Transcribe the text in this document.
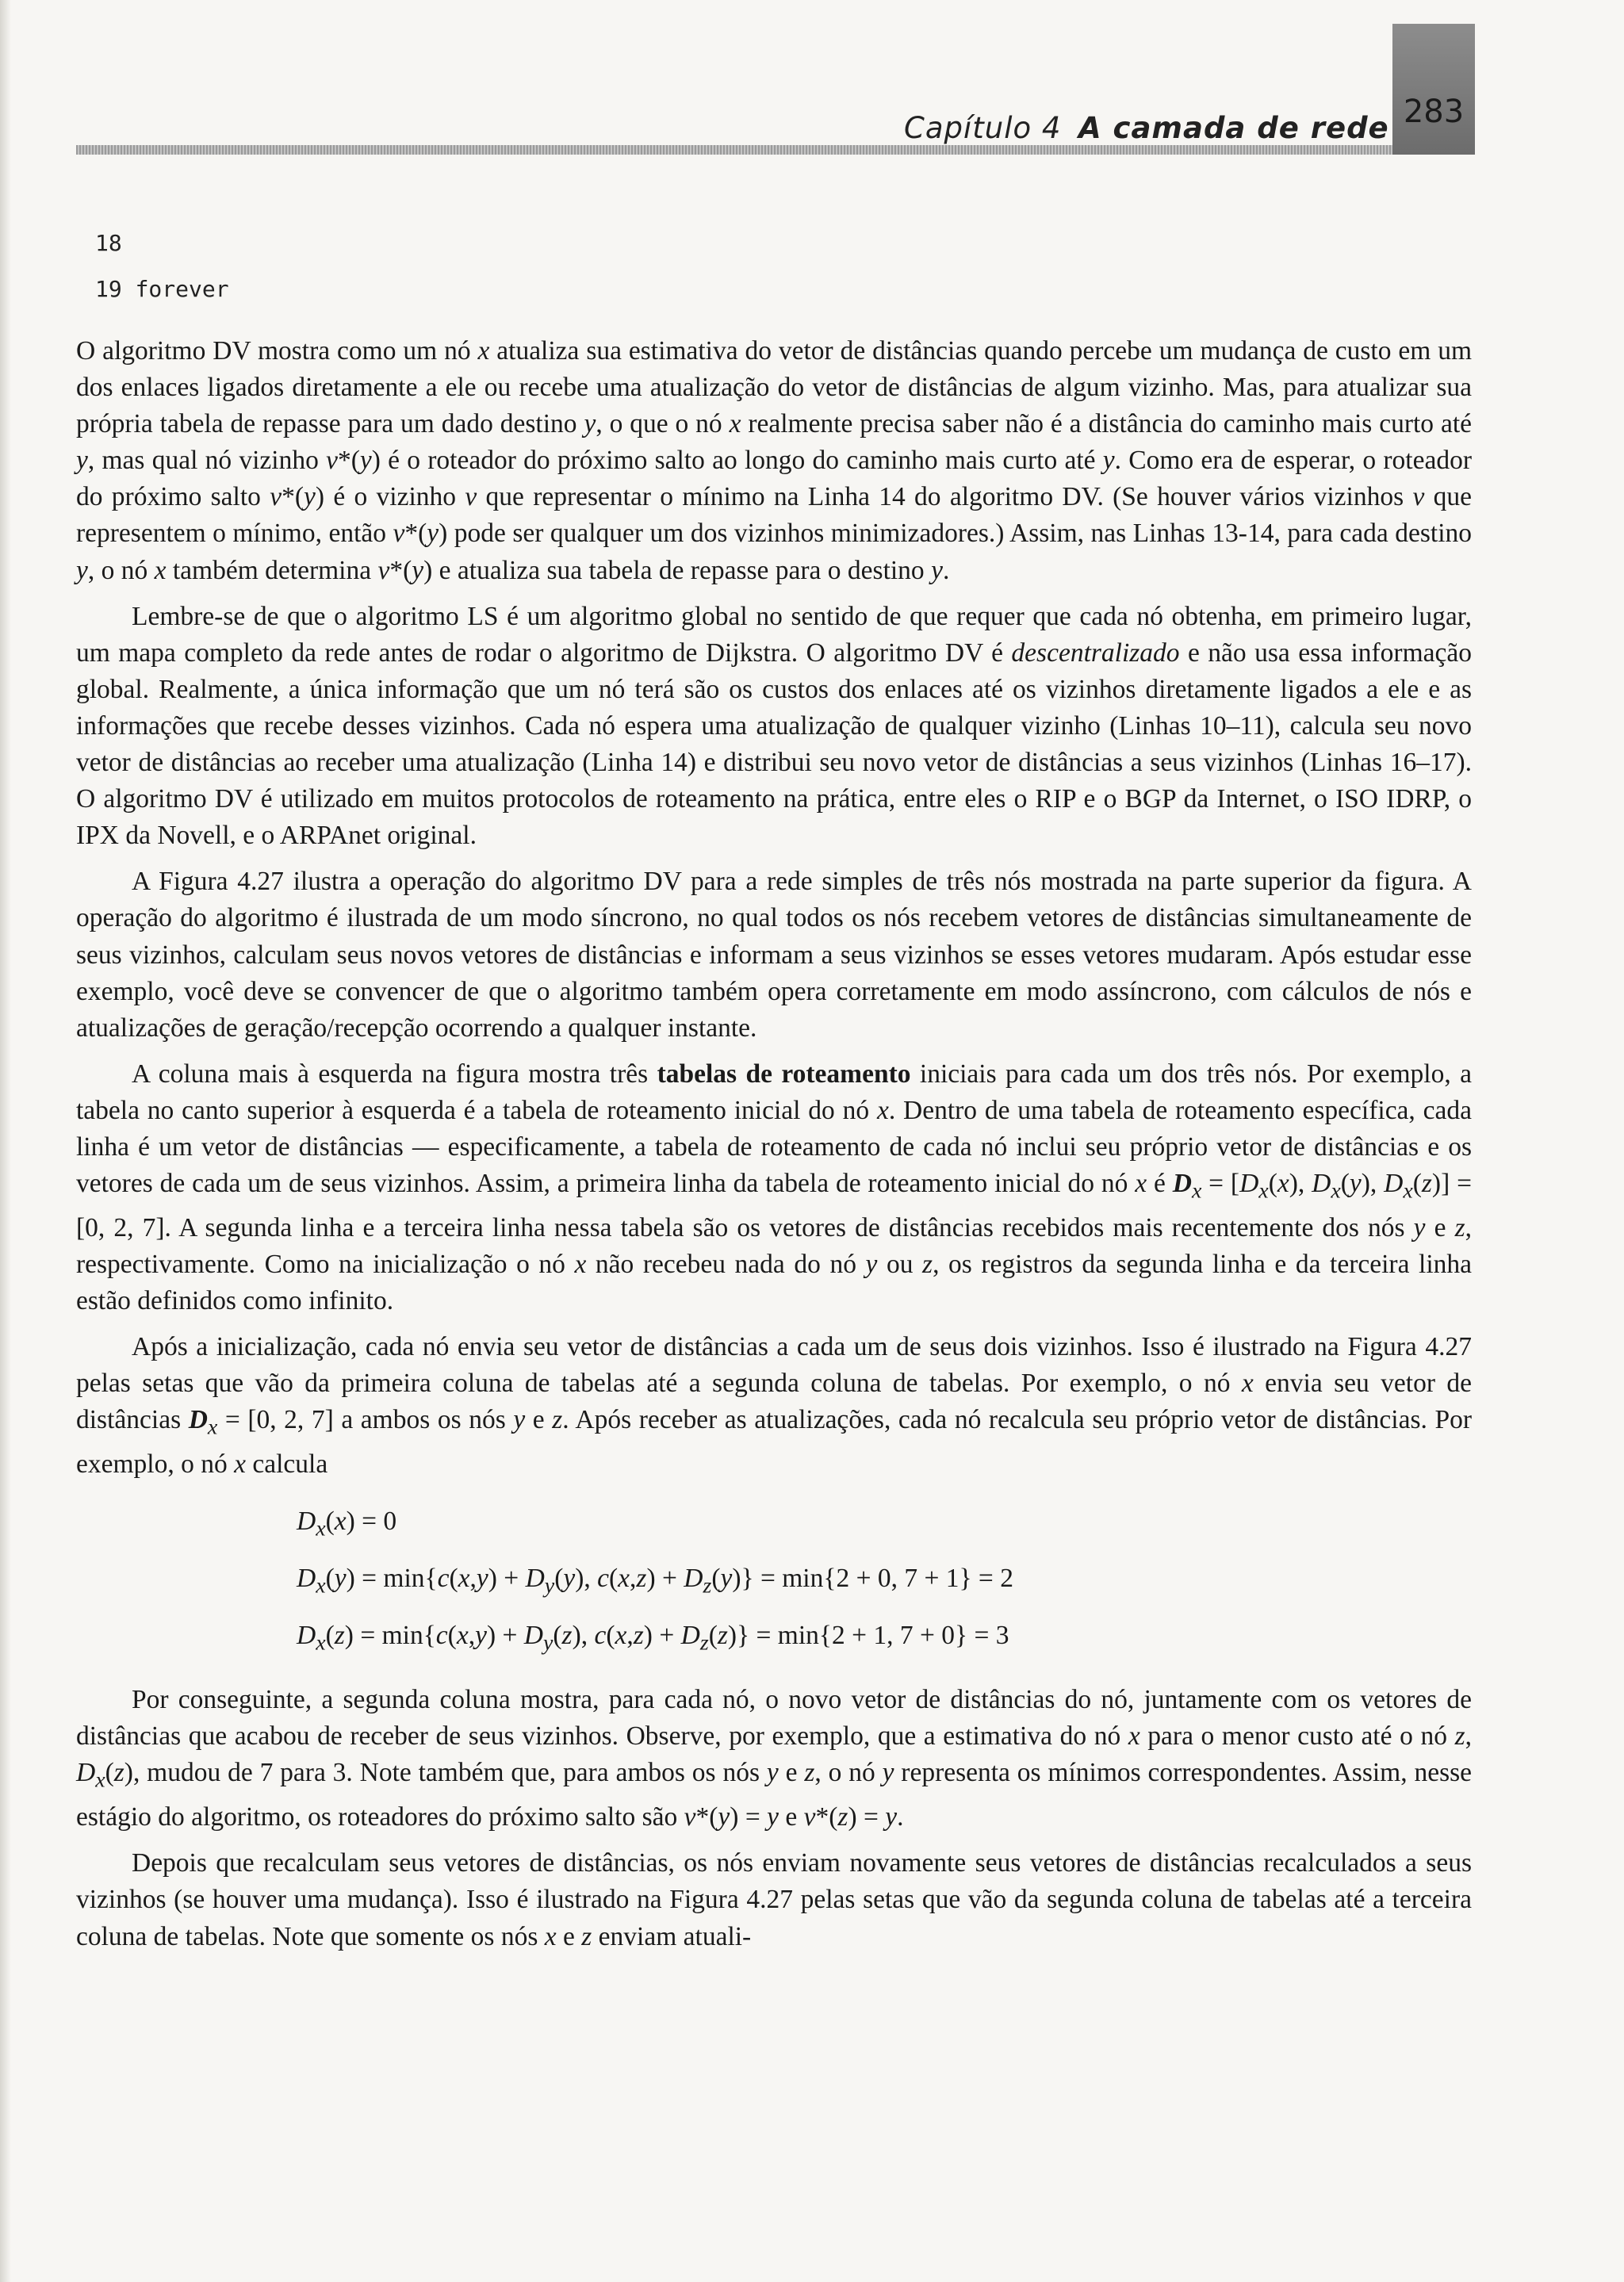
Capítulo 4 A camada de rede 283
18
19 forever

O algoritmo DV mostra como um nó x atualiza sua estimativa do vetor de distâncias quando percebe um mudança de custo em um dos enlaces ligados diretamente a ele ou recebe uma atualização do vetor de distâncias de algum vizinho. Mas, para atualizar sua própria tabela de repasse para um dado destino y, o que o nó x realmente precisa saber não é a distância do caminho mais curto até y, mas qual nó vizinho v*(y) é o roteador do próximo salto ao longo do caminho mais curto até y. Como era de esperar, o roteador do próximo salto v*(y) é o vizinho v que representar o mínimo na Linha 14 do algoritmo DV. (Se houver vários vizinhos v que representem o mínimo, então v*(y) pode ser qualquer um dos vizinhos minimizadores.) Assim, nas Linhas 13-14, para cada destino y, o nó x também determina v*(y) e atualiza sua tabela de repasse para o destino y.

Lembre-se de que o algoritmo LS é um algoritmo global no sentido de que requer que cada nó obtenha, em primeiro lugar, um mapa completo da rede antes de rodar o algoritmo de Dijkstra. O algoritmo DV é descentralizado e não usa essa informação global. Realmente, a única informação que um nó terá são os custos dos enlaces até os vizinhos diretamente ligados a ele e as informações que recebe desses vizinhos. Cada nó espera uma atualização de qualquer vizinho (Linhas 10–11), calcula seu novo vetor de distâncias ao receber uma atualização (Linha 14) e distribui seu novo vetor de distâncias a seus vizinhos (Linhas 16–17). O algoritmo DV é utilizado em muitos protocolos de roteamento na prática, entre eles o RIP e o BGP da Internet, o ISO IDRP, o IPX da Novell, e o ARPAnet original.

A Figura 4.27 ilustra a operação do algoritmo DV para a rede simples de três nós mostrada na parte superior da figura. A operação do algoritmo é ilustrada de um modo síncrono, no qual todos os nós recebem vetores de distâncias simultaneamente de seus vizinhos, calculam seus novos vetores de distâncias e informam a seus vizinhos se esses vetores mudaram. Após estudar esse exemplo, você deve se convencer de que o algoritmo também opera corretamente em modo assíncrono, com cálculos de nós e atualizações de geração/recepção ocorrendo a qualquer instante.

A coluna mais à esquerda na figura mostra três tabelas de roteamento iniciais para cada um dos três nós. Por exemplo, a tabela no canto superior à esquerda é a tabela de roteamento inicial do nó x. Dentro de uma tabela de roteamento específica, cada linha é um vetor de distâncias — especificamente, a tabela de roteamento de cada nó inclui seu próprio vetor de distâncias e os vetores de cada um de seus vizinhos. Assim, a primeira linha da tabela de roteamento inicial do nó x é $D_x = [D_x(x)$, $D_x(y)$, $D_x(z)] = [0$, 2, 7]. A segunda linha e a terceira linha nessa tabela são os vetores de distâncias recebidos mais recentemente dos nós y e z, respectivamente. Como na inicialização o nó x não recebeu nada do nó y ou z, os registros da segunda linha e da terceira linha estão definidos como infinito.

Após a inicialização, cada nó envia seu vetor de distâncias a cada um de seus dois vizinhos. Isso é ilustrado na Figura 4.27 pelas setas que vão da primeira coluna de tabelas até a segunda coluna de tabelas. Por exemplo, o nó x envia seu vetor de distâncias $D_x = [0$, 2, 7] a ambos os nós y e z. Após receber as atualizações, cada nó recalcula seu próprio vetor de distâncias. Por exemplo, o nó x calcula

$D_x(x) = 0$
$D_x(y) = \min\{c(x,y) + D_y(y)$, $c(x,z) + D_z(y)\} = \min\{2 + 0$, 7 + 1} = 2
$D_x(z) = \min\{c(x,y) + D_y(z)$, $c(x,z) + D_z(z)\} = \min\{2 + 1$, 7 + 0} = 3

Por conseguinte, a segunda coluna mostra, para cada nó, o novo vetor de distâncias do nó, juntamente com os vetores de distâncias que acabou de receber de seus vizinhos. Observe, por exemplo, que a estimativa do nó x para o menor custo até o nó z, $D_x(z)$, mudou de 7 para 3. Note também que, para ambos os nós y e z, o nó y representa os mínimos correspondentes. Assim, nesse estágio do algoritmo, os roteadores do próximo salto são v*(y) = y e v*(z) = y.

Depois que recalculam seus vetores de distâncias, os nós enviam novamente seus vetores de distâncias recalculados a seus vizinhos (se houver uma mudança). Isso é ilustrado na Figura 4.27 pelas setas que vão da segunda coluna de tabelas até a terceira coluna de tabelas. Note que somente os nós x e z enviam atuali-
